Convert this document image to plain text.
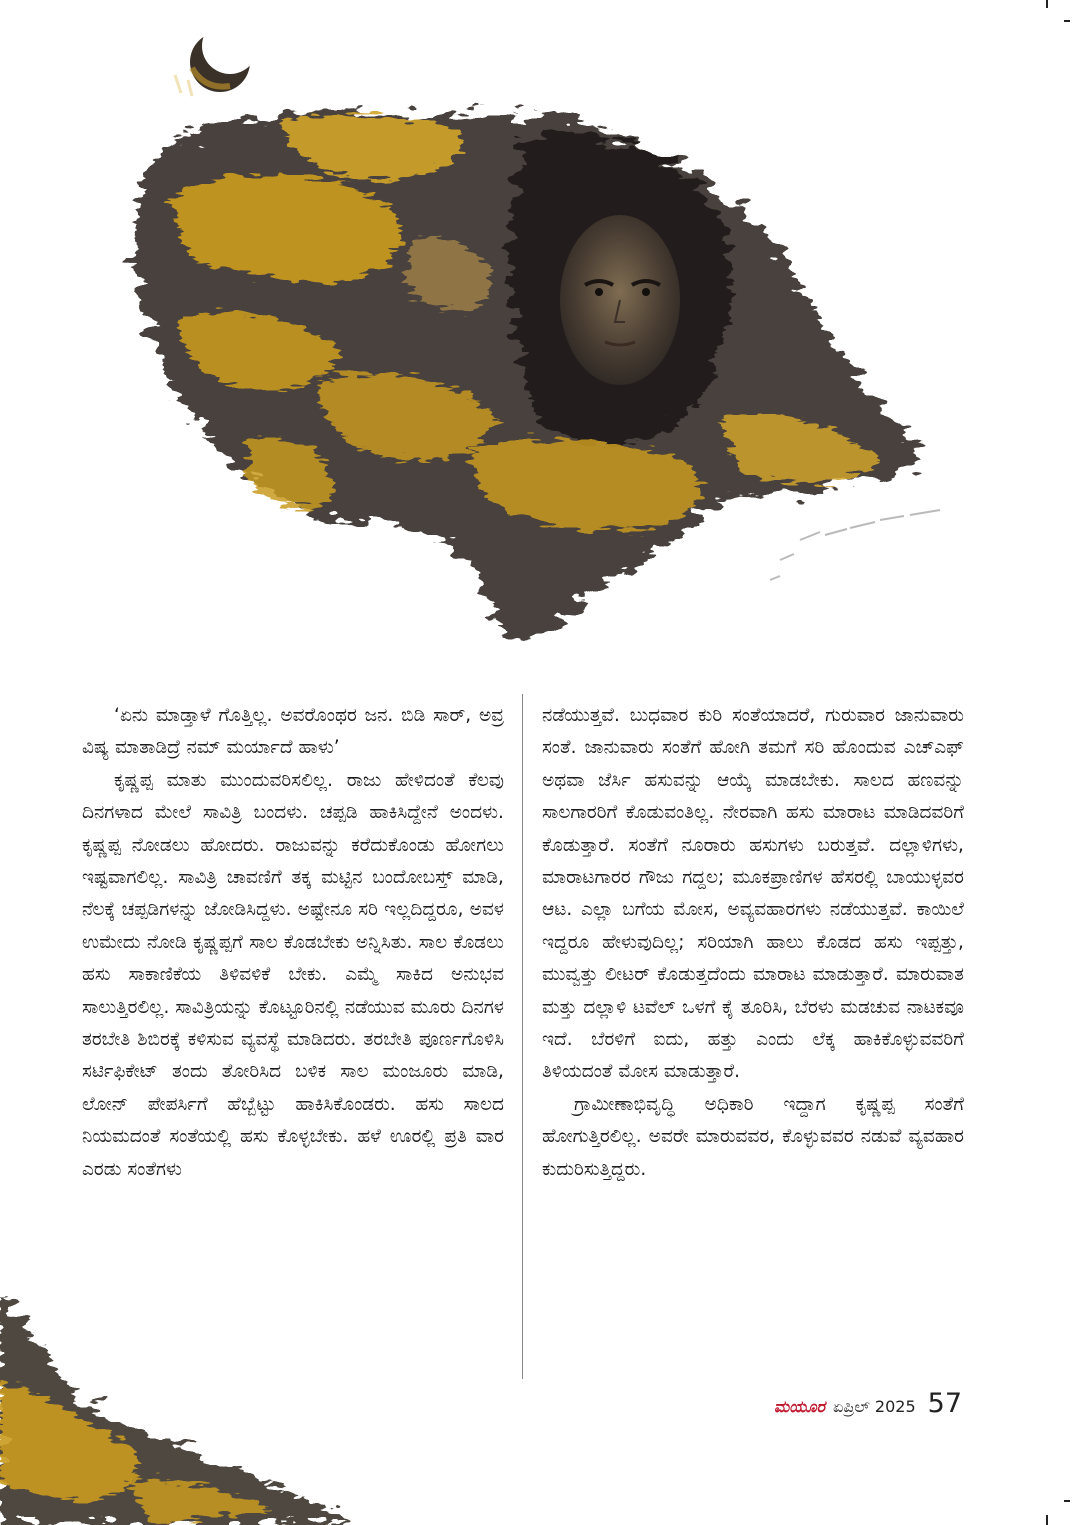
‘ಏನು ಮಾಡ್ತಾಳೆ ಗೊತ್ತಿಲ್ಲ. ಅವರೊಂಥರ ಜನ. ಬಿಡಿ ಸಾರ್, ಅವ್ರ ವಿಷ್ಯ ಮಾತಾಡಿದ್ರೆ ನಮ್ ಮರ್ಯಾದೆ ಹಾಳು’

ಕೃಷ್ಣಪ್ಪ ಮಾತು ಮುಂದುವರಿಸಲಿಲ್ಲ. ರಾಜು ಹೇಳಿದಂತೆ ಕೆಲವು ದಿನಗಳಾದ ಮೇಲೆ ಸಾವಿತ್ರಿ ಬಂದಳು. ಚಪ್ಪಡಿ ಹಾಕಿಸಿದ್ದೇನೆ ಅಂದಳು. ಕೃಷ್ಣಪ್ಪ ನೋಡಲು ಹೋದರು. ರಾಜುವನ್ನು ಕರೆದುಕೊಂಡು ಹೋಗಲು ಇಷ್ಟವಾಗಲಿಲ್ಲ. ಸಾವಿತ್ರಿ ಚಾವಣಿಗೆ ತಕ್ಕ ಮಟ್ಟಿನ ಬಂದೋಬಸ್ತ್ ಮಾಡಿ, ನೆಲಕ್ಕೆ ಚಪ್ಪಡಿಗಳನ್ನು ಜೋಡಿಸಿದ್ದಳು. ಅಷ್ಟೇನೂ ಸರಿ ಇಲ್ಲದಿದ್ದರೂ, ಅವಳ ಉಮೇದು ನೋಡಿ ಕೃಷ್ಣಪ್ಪಗೆ ಸಾಲ ಕೊಡಬೇಕು ಅನ್ನಿಸಿತು. ಸಾಲ ಕೊಡಲು ಹಸು ಸಾಕಾಣಿಕೆಯ ತಿಳಿವಳಿಕೆ ಬೇಕು. ಎಮ್ಮೆ ಸಾಕಿದ ಅನುಭವ ಸಾಲುತ್ತಿರಲಿಲ್ಲ. ಸಾವಿತ್ರಿಯನ್ನು ಕೊಟ್ಟೂರಿನಲ್ಲಿ ನಡೆಯುವ ಮೂರು ದಿನಗಳ ತರಬೇತಿ ಶಿಬಿರಕ್ಕೆ ಕಳಿಸುವ ವ್ಯವಸ್ಥೆ ಮಾಡಿದರು. ತರಬೇತಿ ಪೂರ್ಣಗೊಳಿಸಿ ಸರ್ಟಿಫಿಕೇಟ್ ತಂದು ತೋರಿಸಿದ ಬಳಿಕ ಸಾಲ ಮಂಜೂರು ಮಾಡಿ, ಲೋನ್ ಪೇಪರ್ಸಿಗೆ ಹೆಬ್ಬೆಟ್ಟು ಹಾಕಿಸಿಕೊಂಡರು. ಹಸು ಸಾಲದ ನಿಯಮದಂತೆ ಸಂತೆಯಲ್ಲಿ ಹಸು ಕೊಳ್ಳಬೇಕು. ಹಳೆ ಊರಲ್ಲಿ ಪ್ರತಿ ವಾರ ಎರಡು ಸಂತೆಗಳು

ನಡೆಯುತ್ತವೆ. ಬುಧವಾರ ಕುರಿ ಸಂತೆಯಾದರೆ, ಗುರುವಾರ ಜಾನುವಾರು ಸಂತೆ. ಜಾನುವಾರು ಸಂತೆಗೆ ಹೋಗಿ ತಮಗೆ ಸರಿ ಹೊಂದುವ ಎಚ್‌ಎಫ್ ಅಥವಾ ಜೆರ್ಸಿ ಹಸುವನ್ನು ಆಯ್ಕೆ ಮಾಡಬೇಕು. ಸಾಲದ ಹಣವನ್ನು ಸಾಲಗಾರರಿಗೆ ಕೊಡುವಂತಿಲ್ಲ. ನೇರವಾಗಿ ಹಸು ಮಾರಾಟ ಮಾಡಿದವರಿಗೆ ಕೊಡುತ್ತಾರೆ. ಸಂತೆಗೆ ನೂರಾರು ಹಸುಗಳು ಬರುತ್ತವೆ. ದಲ್ಲಾಳಿಗಳು, ಮಾರಾಟಗಾರರ ಗೌಜು ಗದ್ದಲ; ಮೂಕಪ್ರಾಣಿಗಳ ಹೆಸರಲ್ಲಿ ಬಾಯುಳ್ಳವರ ಆಟ. ಎಲ್ಲಾ ಬಗೆಯ ಮೋಸ, ಅವ್ಯವಹಾರಗಳು ನಡೆಯುತ್ತವೆ. ಕಾಯಿಲೆ ಇದ್ದರೂ ಹೇಳುವುದಿಲ್ಲ; ಸರಿಯಾಗಿ ಹಾಲು ಕೊಡದ ಹಸು ಇಪ್ಪತ್ತು, ಮುವ್ವತ್ತು ಲೀಟರ್ ಕೊಡುತ್ತದೆಂದು ಮಾರಾಟ ಮಾಡುತ್ತಾರೆ. ಮಾರುವಾತ ಮತ್ತು ದಲ್ಲಾಳಿ ಟವೆಲ್ ಒಳಗೆ ಕೈ ತೂರಿಸಿ, ಬೆರಳು ಮಡಚುವ ನಾಟಕವೂ ಇದೆ. ಬೆರಳಿಗೆ ಐದು, ಹತ್ತು ಎಂದು ಲೆಕ್ಕ ಹಾಕಿಕೊಳ್ಳುವವರಿಗೆ ತಿಳಿಯದಂತೆ ಮೋಸ ಮಾಡುತ್ತಾರೆ.

ಗ್ರಾಮೀಣಾಭಿವೃದ್ಧಿ ಅಧಿಕಾರಿ ಇದ್ದಾಗ ಕೃಷ್ಣಪ್ಪ ಸಂತೆಗೆ ಹೋಗುತ್ತಿರಲಿಲ್ಲ. ಅವರೇ ಮಾರುವವರ, ಕೊಳ್ಳುವವರ ನಡುವೆ ವ್ಯವಹಾರ ಕುದುರಿಸುತ್ತಿದ್ದರು.

ಮಯೂರ ಏಪ್ರಿಲ್ 2025 57
